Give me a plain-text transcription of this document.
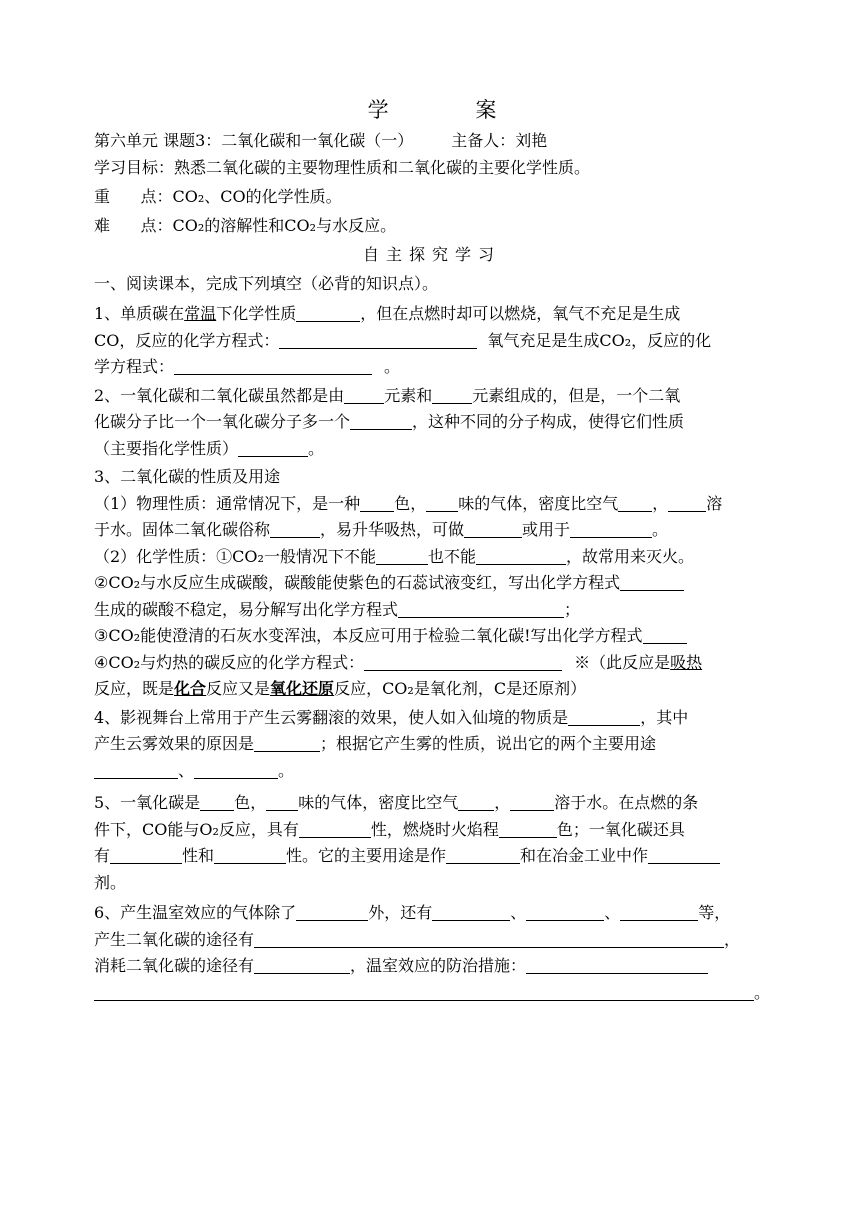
学 案
第六单元 课题3：二氧化碳和一氧化碳（一） 主备人：刘艳
学习目标：熟悉二氧化碳的主要物理性质和二氧化碳的主要化学性质。
重      点：CO₂、CO的化学性质。
难      点：CO₂的溶解性和CO₂与水反应。
自主探究学习
一、阅读课本，完成下列填空（必背的知识点）。
1、单质碳在常温下化学性质	，但在点燃时却可以燃烧，氧气不充足是生成
CO，反应的化学方程式：	氧气充足是生成CO₂，反应的化
学方程式：	。
2、一氧化碳和二氧化碳虽然都是由	元素和	元素组成的，但是，一个二氧
化碳分子比一个一氧化碳分子多一个	，这种不同的分子构成，使得它们性质
（主要指化学性质）	。
3、二氧化碳的性质及用途
（1）物理性质：通常情况下，是一种 色， 味的气体，密度比空气 ， 溶
于水。固体二氧化碳俗称	，易升华吸热，可做	或用于	。
（2）化学性质：①CO₂一般情况下不能	也不能	，故常用来灭火。
②CO₂与水反应生成碳酸，碳酸能使紫色的石蕊试液变红，写出化学方程式
生成的碳酸不稳定，易分解写出化学方程式	；
③CO₂能使澄清的石灰水变浑浊，本反应可用于检验二氧化碳!写出化学方程式
④CO₂与灼热的碳反应的化学方程式：	※（此反应是吸热
反应，既是化合反应又是氧化还原反应，CO₂是氧化剂，C是还原剂）
4、影视舞台上常用于产生云雾翻滚的效果，使人如入仙境的物质是	，其中
产生云雾效果的原因是	；根据它产生雾的性质，说出它的两个主要用途
、	。
5、一氧化碳是 色， 味的气体，密度比空气 ，	溶于水。在点燃的条
件下，CO能与O₂反应，具有	性，燃烧时火焰程	色；一氧化碳还具
有	性和	性。它的主要用途是作	和在冶金工业中作
剂。
6、产生温室效应的气体除了	外，还有	、	、	等，
产生二氧化碳的途径有	，
消耗二氧化碳的途径有	，温室效应的防治措施：
。
